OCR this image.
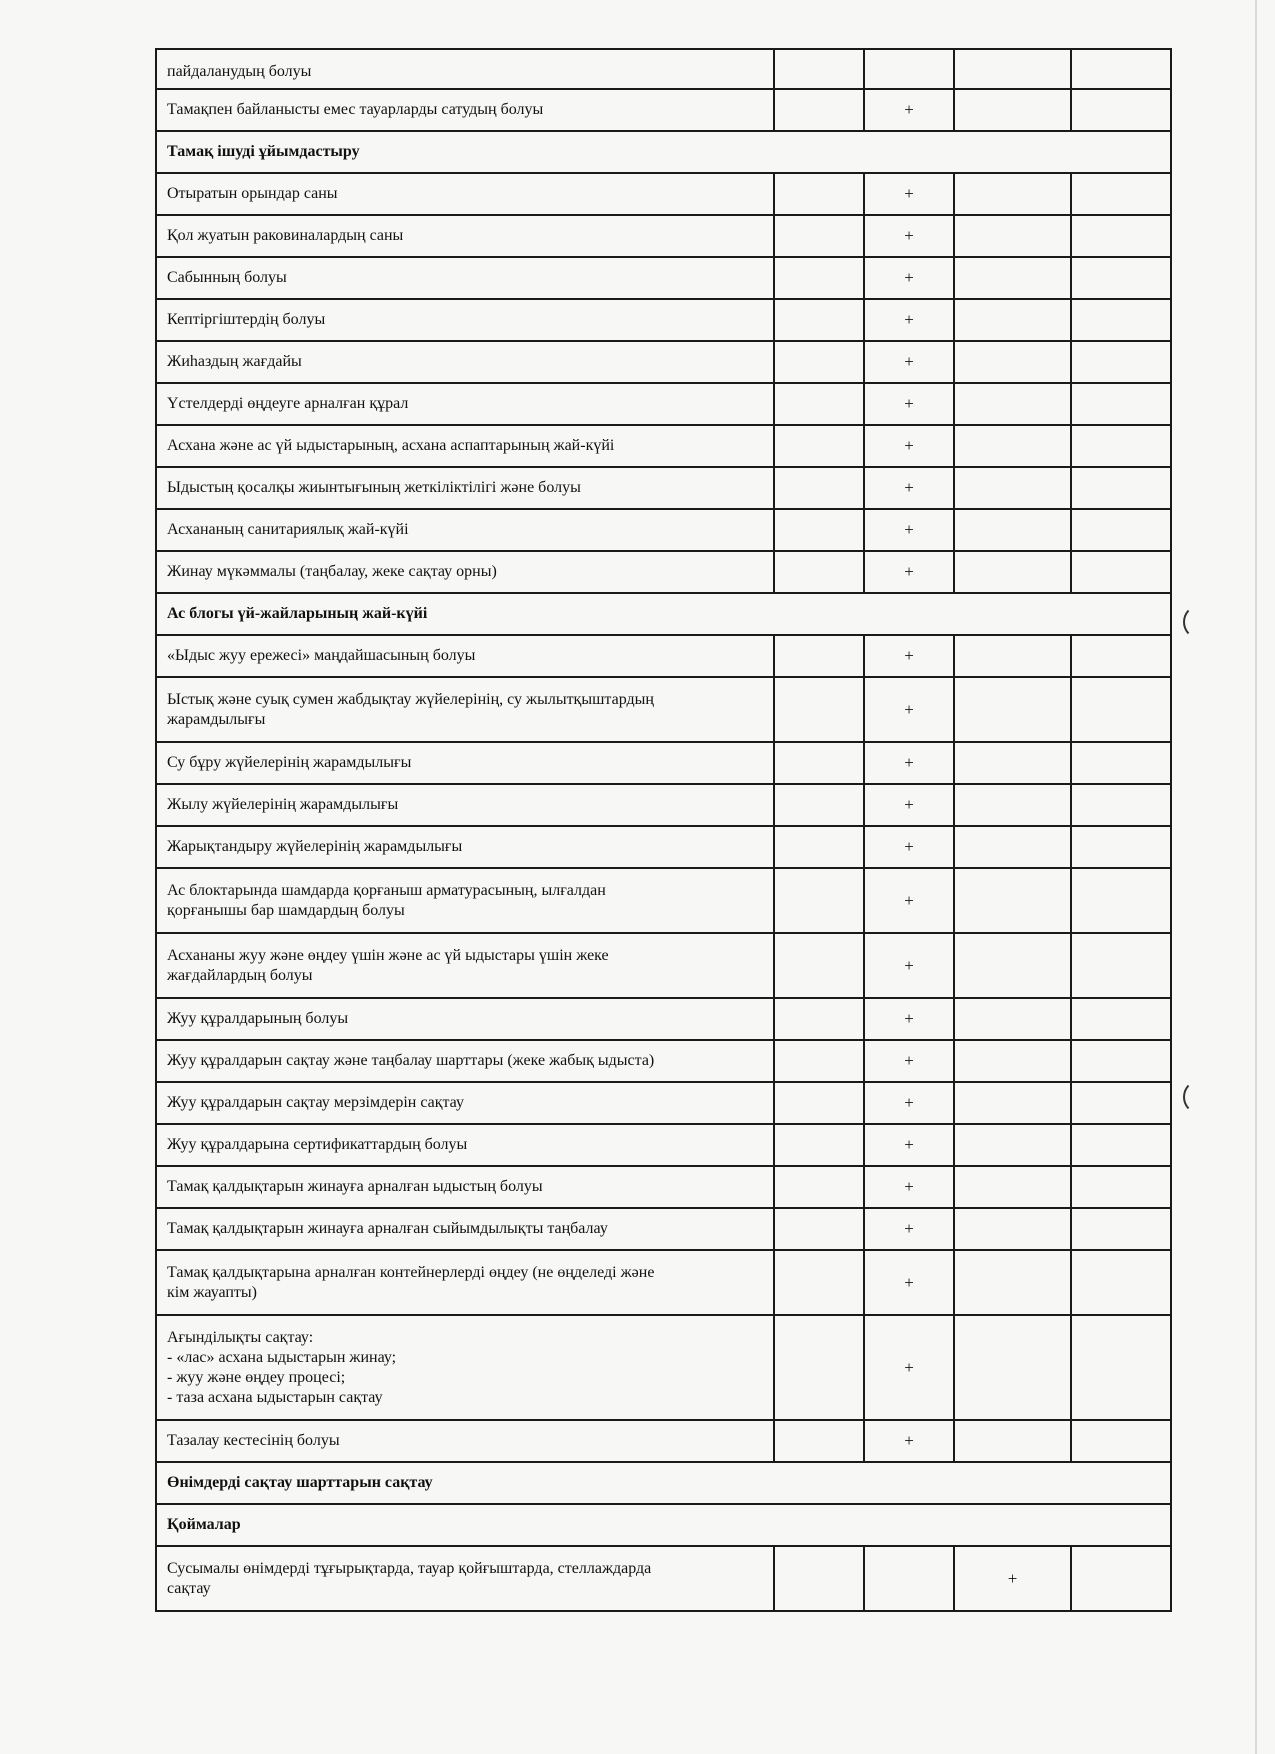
пайдаланудың болуы				
Тамақпен байланысты емес тауарларды сатудың болуы		+		
Тамақ ішуді ұйымдастыру				
Отыратын орындар саны		+		
Қол жуатын раковиналардың саны		+		
Сабынның болуы		+		
Кептіргіштердің болуы		+		
Жиһаздың жағдайы		+		
Үстелдерді өңдеуге арналған құрал		+		
Асхана және ас үй ыдыстарының, асхана аспаптарының жай-күйі		+		
Ыдыстың қосалқы жиынтығының жеткіліктілігі және болуы		+		
Асхананың санитариялық жай-күйі		+		
Жинау мүкәммалы (таңбалау, жеке сақтау орны)		+		
Ас блогы үй-жайларының жай-күйі				
«Ыдыс жуу ережесі» маңдайшасының болуы		+		
Ыстық және суық сумен жабдықтау жүйелерінің, су жылытқыштардың
жарамдылығы		+		
Су бұру жүйелерінің жарамдылығы		+		
Жылу жүйелерінің жарамдылығы		+		
Жарықтандыру жүйелерінің жарамдылығы		+		
Ас блоктарында шамдарда қорғаныш арматурасының, ылғалдан
қорғанышы бар шамдардың болуы		+		
Асхананы жуу және өңдеу үшін және ас үй ыдыстары үшін жеке
жағдайлардың болуы		+		
Жуу құралдарының болуы		+		
Жуу құралдарын сақтау және таңбалау шарттары (жеке жабық ыдыста)		+		
Жуу құралдарын сақтау мерзімдерін сақтау		+		
Жуу құралдарына сертификаттардың болуы		+		
Тамақ қалдықтарын жинауға арналған ыдыстың болуы		+		
Тамақ қалдықтарын жинауға арналған сыйымдылықты таңбалау		+		
Тамақ қалдықтарына арналған контейнерлерді өңдеу (не өңделеді және
кім жауапты)		+		
Ағынділықты сақтау:
- «лас» асхана ыдыстарын жинау;
- жуу және өңдеу процесі;
- таза асхана ыдыстарын сақтау		+		
Тазалау кестесінің болуы		+		
Өнімдерді сақтау шарттарын сақтау				
Қоймалар				
Сусымалы өнімдерді тұғырықтарда, тауар қойғыштарда, стеллаждарда
сақтау			+	
